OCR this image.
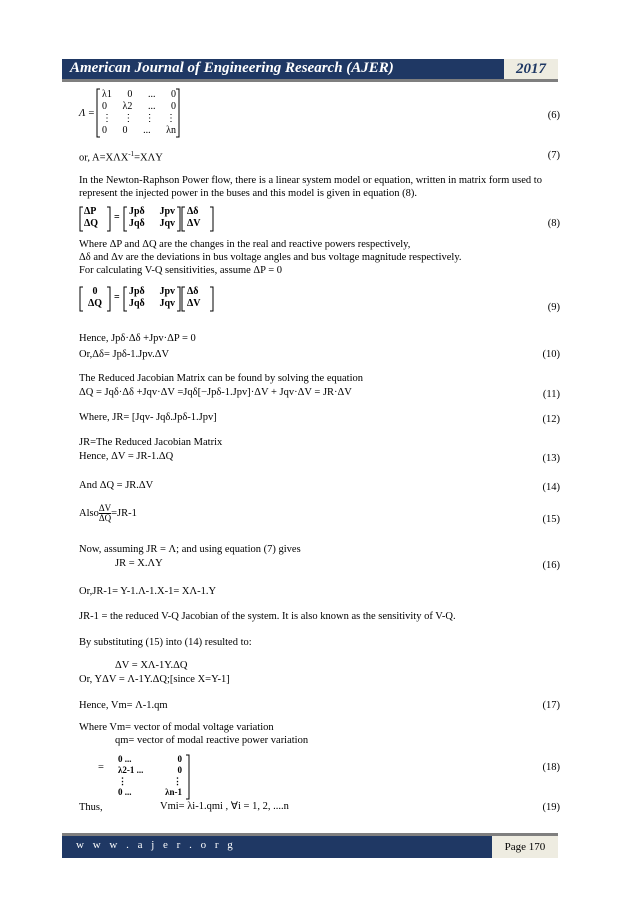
American Journal of Engineering Research (AJER)	2017
Λ =
λ1 0 ... 0
0 λ2 ... 0
⋮ ⋮ ⋮ ⋮
0 0 ... λn
(6)
or, $A=X\Lambda X^{-1}=X\Lambda Y$	(7)
In the Newton-Raphson Power flow, there is a linear system model or equation, written in matrix form used to
represent the injected power in the buses and this model is given in equation (8).
ΔP
ΔQ
=
Jpδ Jpv
Jqδ Jqv
Δδ
ΔV	(8)
Where ΔP and ΔQ are the changes in the real and reactive powers respectively,
Δδ and Δv are the deviations in bus voltage angles and bus voltage magnitude respectively.
For calculating V-Q sensitivities, assume ΔP = 0
0
ΔQ
=
Jpδ Jpv
Jqδ Jqv
Δδ
ΔV	(9)
Hence, Jpδ·Δδ +Jpv·ΔP = 0
Or,Δδ= Jpδ-1.Jpv.ΔV	(10)
The Reduced Jacobian Matrix can be found by solving the equation
ΔQ = Jqδ·Δδ +Jqv·ΔV =Jqδ[−Jpδ-1.Jpv]·ΔV + Jqv·ΔV = JR·ΔV	(11)
Where, JR= [Jqv- Jqδ.Jpδ-1.Jpv]	(12)
JR=The Reduced Jacobian Matrix
Hence, ΔV = JR-1.ΔQ	(13)
And ΔQ = JR.ΔV	(14)
Also $\frac{\Delta V}{\Delta Q} =JR-1$
(15)
Now, assuming JR = Λ; and using equation (7) gives
JR = X.ΛY	(16)
Or,JR-1= Y-1.Λ-1.X-1= XΛ-1.Y
JR-1 = the reduced V-Q Jacobian of the system. It is also known as the sensitivity of V-Q.
By substituting (15) into (14) resulted to:
ΔV = XΛ-1Y.ΔQ
Or, YΔV = Λ-1Y.ΔQ;[since X=Y-1]
Hence, Vm= Λ-1.qm	(17)
Where Vm= vector of modal voltage variation
qm= vector of modal reactive power variation
=
0 ...	0
λ2-1 ...	0
⋮	⋮
0 ...	λn-1
(18)
Thus,	Vmi= λi-1.qmi , ∀i = 1, 2, ....n	(19)
w w w . a j e r . o r g	Page 170
